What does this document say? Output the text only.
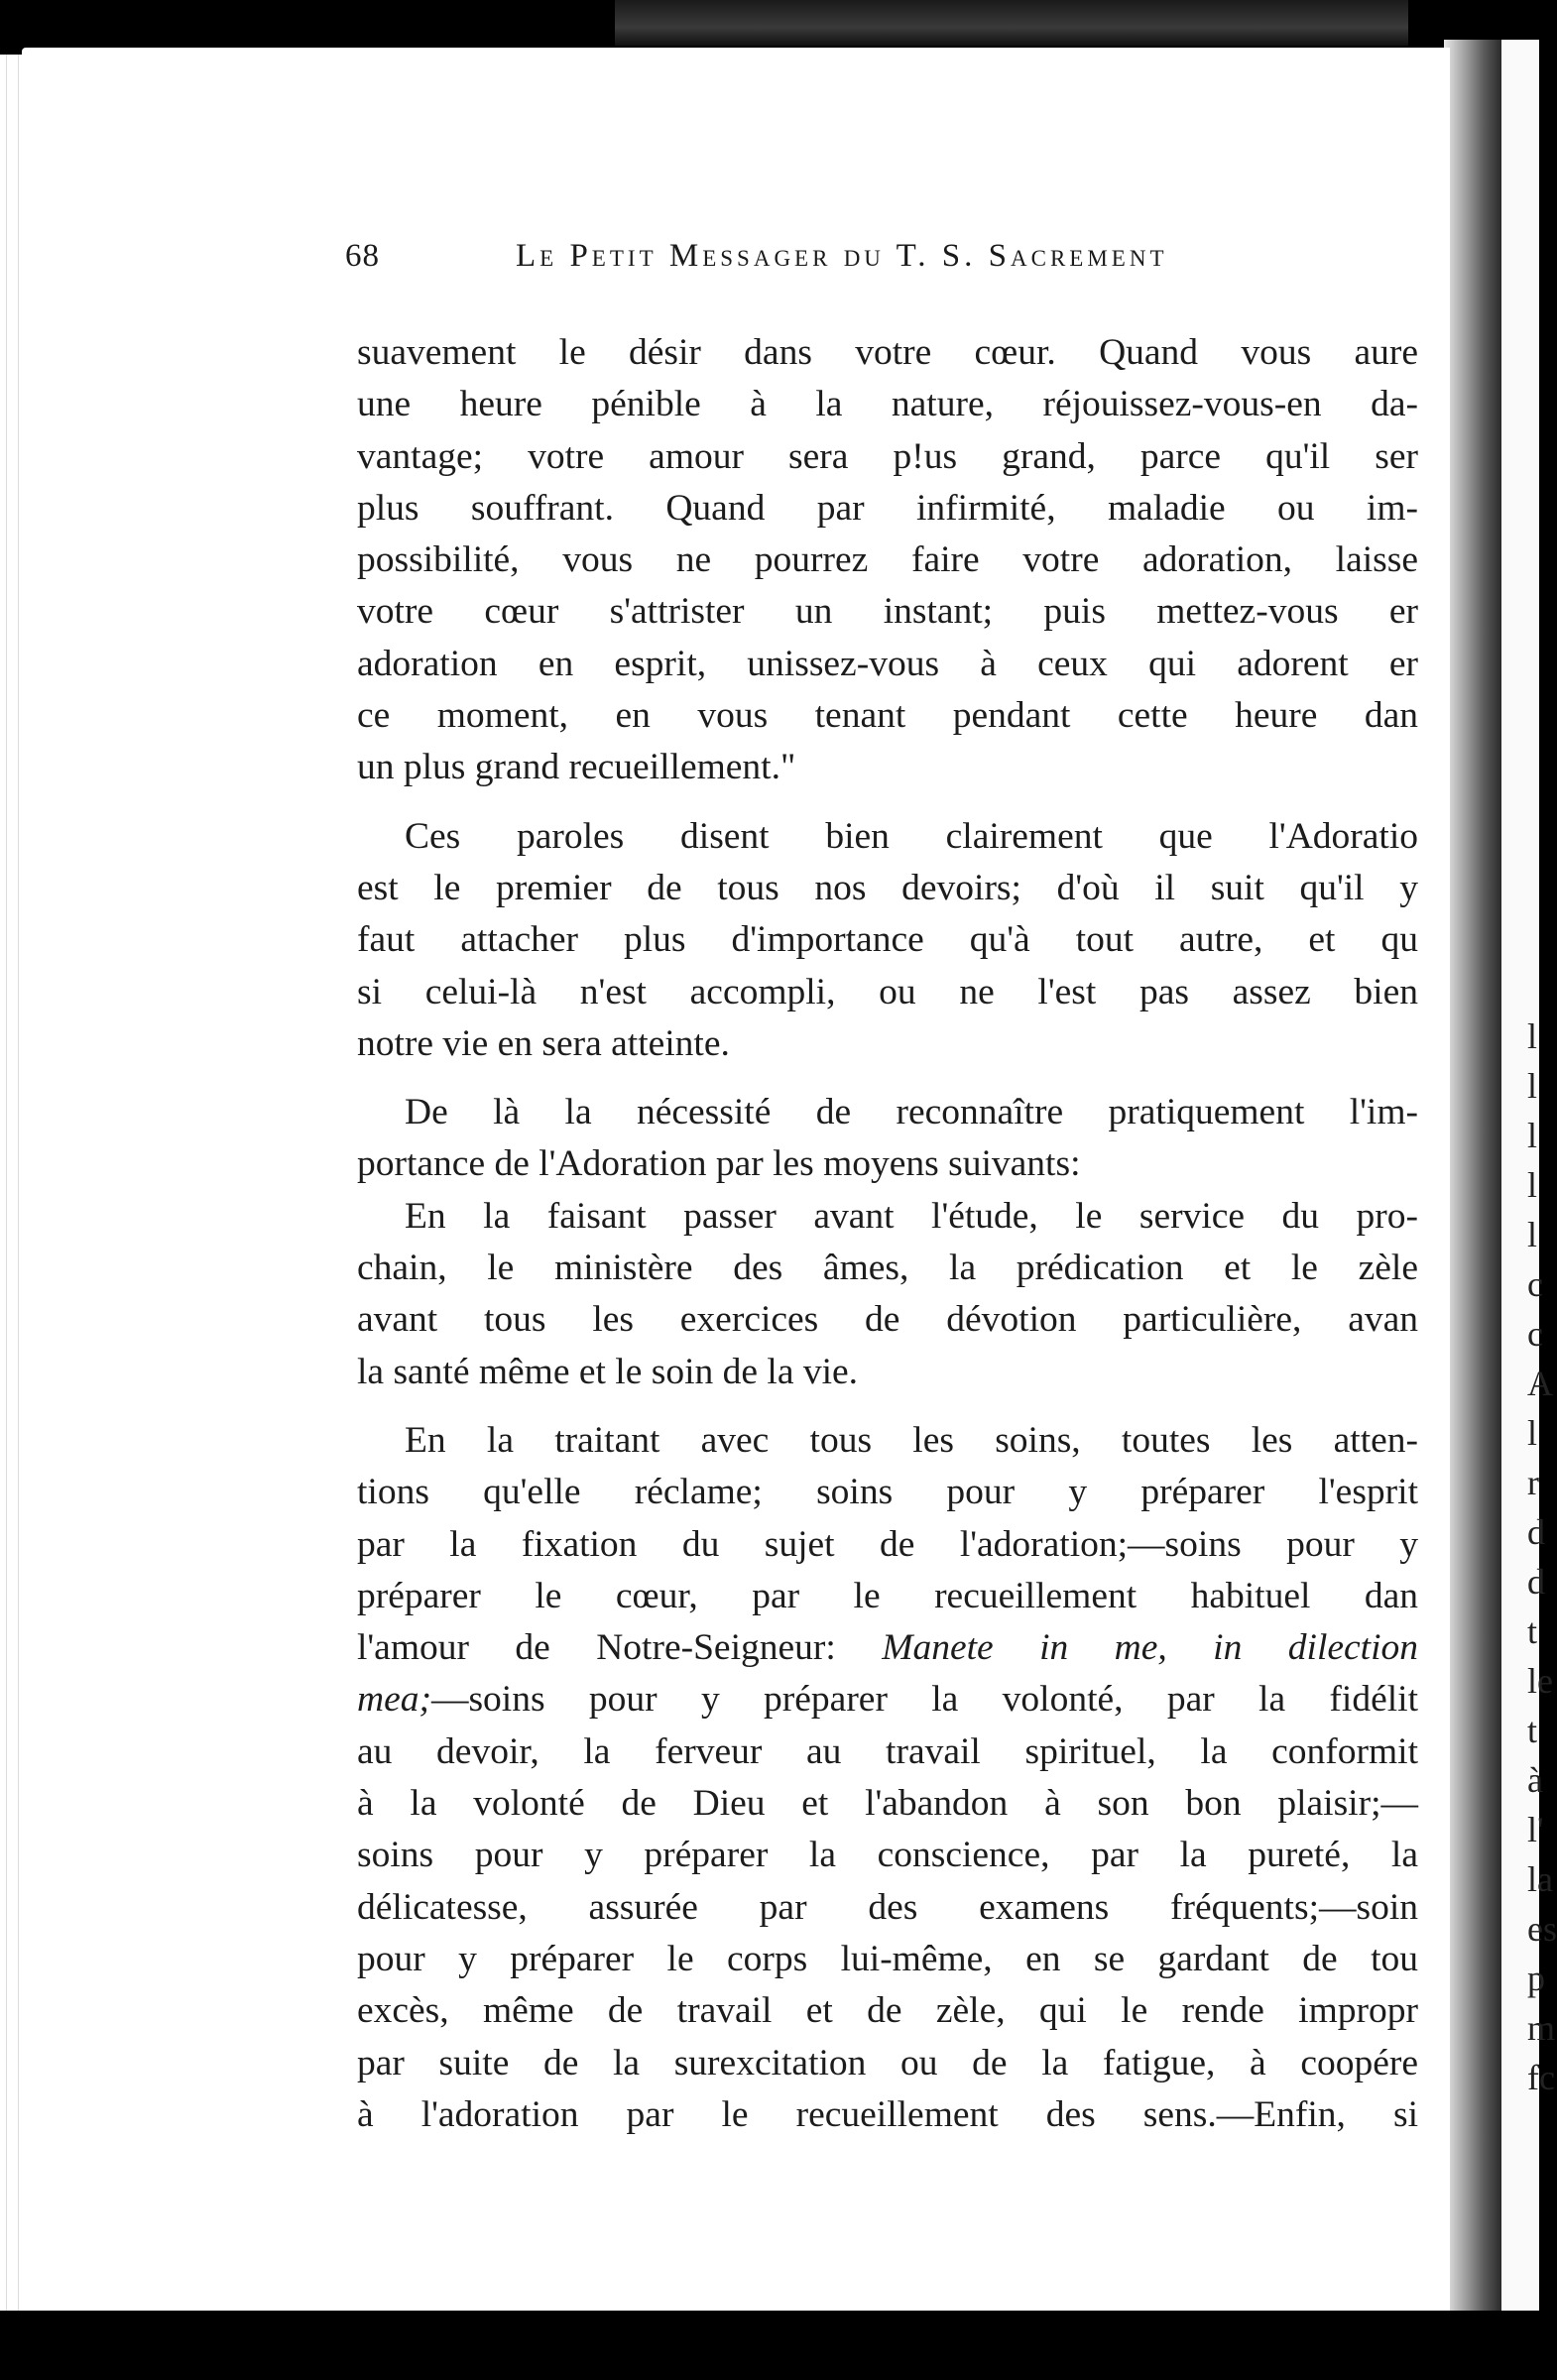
68	Le Petit Messager du T. S. Sacrement

suavement le désir dans votre cœur. Quand vous aure
une heure pénible à la nature, réjouissez-vous-en da-
vantage; votre amour sera p!us grand, parce qu'il ser
plus souffrant. Quand par infirmité, maladie ou im-
possibilité, vous ne pourrez faire votre adoration, laisse
votre cœur s'attrister un instant; puis mettez-vous er
adoration en esprit, unissez-vous à ceux qui adorent er
ce moment, en vous tenant pendant cette heure dan
un plus grand recueillement."

Ces paroles disent bien clairement que l'Adoratio

est le premier de tous nos devoirs; d'où il suit qu'il y
faut attacher plus d'importance qu'à tout autre, et qu
si celui-là n'est accompli, ou ne l'est pas assez bien
notre vie en sera atteinte.

De là la nécessité de reconnaître pratiquement l'im-

portance de l'Adoration par les moyens suivants:

En la faisant passer avant l'étude, le service du pro-

chain, le ministère des âmes, la prédication et le zèle
avant tous les exercices de dévotion particulière, avan
la santé même et le soin de la vie.

En la traitant avec tous les soins, toutes les atten-

tions qu'elle réclame; soins pour y préparer l'esprit
par la fixation du sujet de l'adoration;—soins pour y
préparer le cœur, par le recueillement habituel dan
l'amour de Notre-Seigneur: Manete in me, in dilection
mea;—soins pour y préparer la volonté, par la fidélit
au devoir, la ferveur au travail spirituel, la conformit
à la volonté de Dieu et l'abandon à son bon plaisir;—
soins pour y préparer la conscience, par la pureté, la
délicatesse, assurée par des examens fréquents;—soin
pour y préparer le corps lui-même, en se gardant de tou
excès, même de travail et de zèle, qui le rende impropr
par suite de la surexcitation ou de la fatigue, à coopére
à l'adoration par le recueillement des sens.—Enfin, si

l
l
l
l
l
c
c
A
l
r
d
d
t
le
t
à
l'
la
es
p
m
fc
